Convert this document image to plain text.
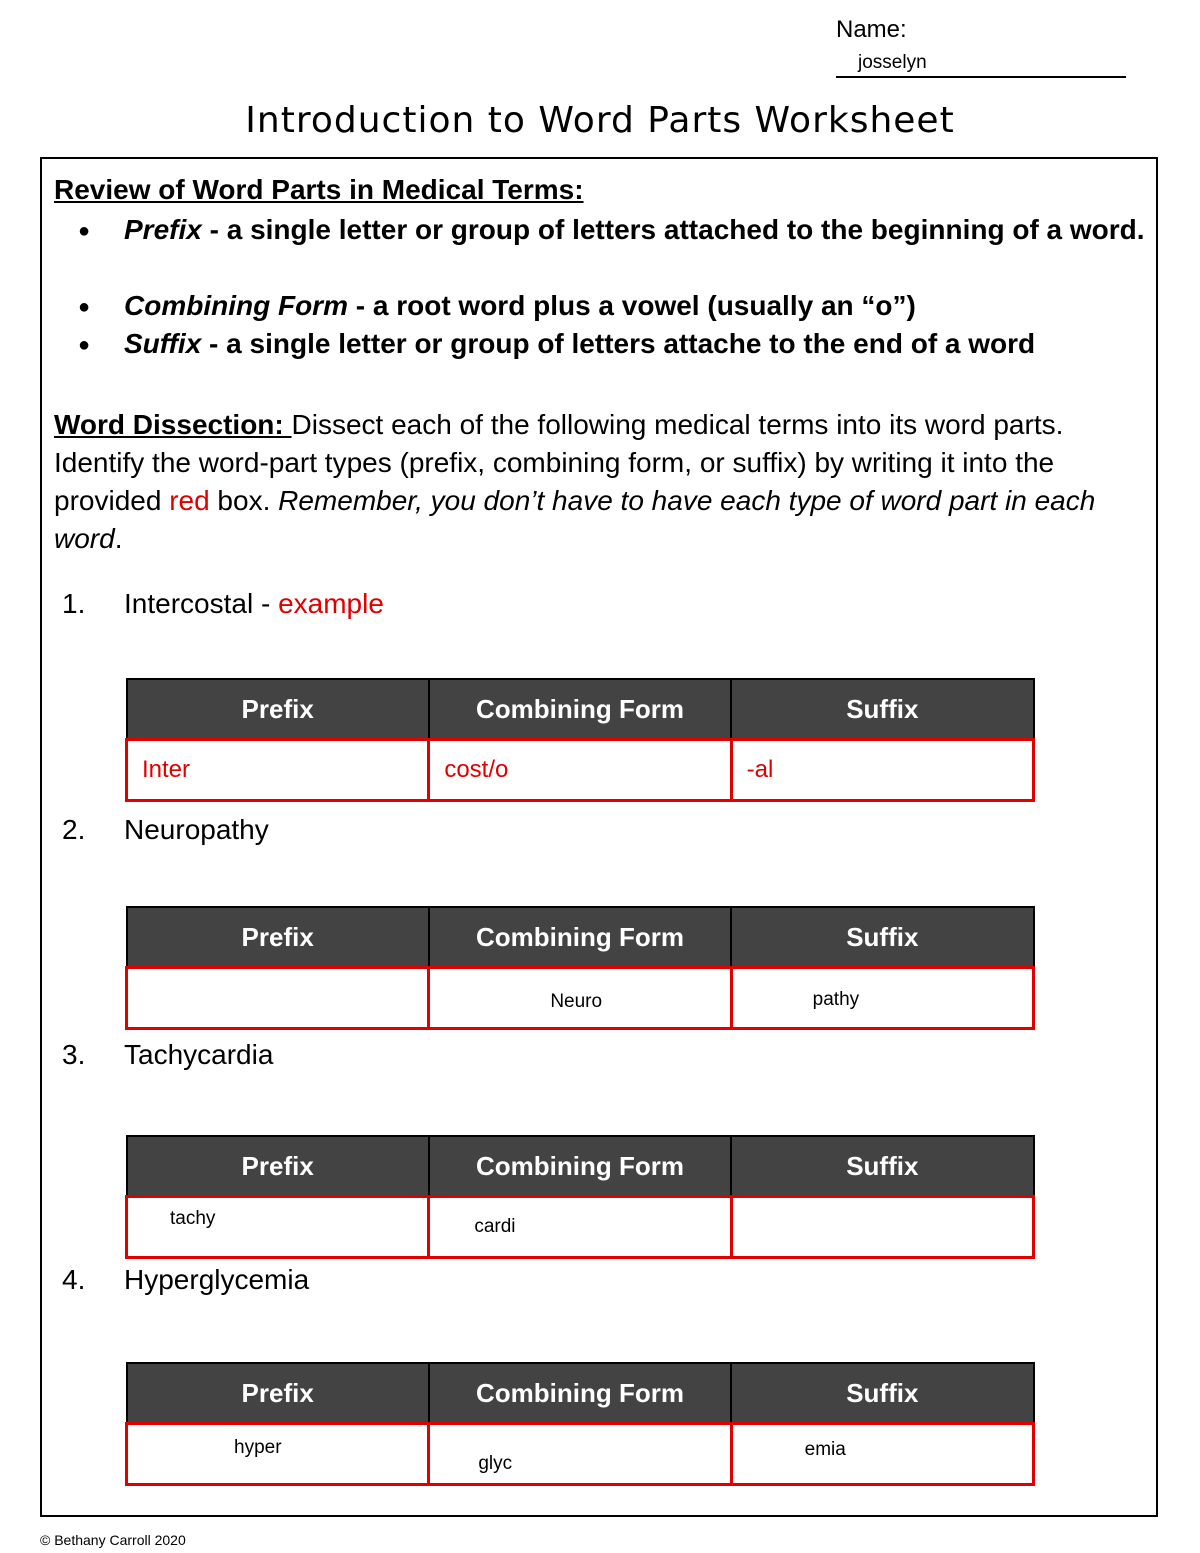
Name:
josselyn
Introduction to Word Parts Worksheet
Review of Word Parts in Medical Terms:
● Prefix - a single letter or group of letters attached to the beginning of a word.
● Combining Form - a root word plus a vowel (usually an “o”)
● Suffix - a single letter or group of letters attache to the end of a word
Word Dissection: Dissect each of the following medical terms into its word parts. Identify the word-part types (prefix, combining form, or suffix) by writing it into the provided red box. Remember, you don’t have to have each type of word part in each word.
1. Intercostal - example
Prefix	Combining Form	Suffix
Inter	cost/o	-al
2. Neuropathy
Prefix	Combining Form	Suffix

	Neuro	pathy
3. Tachycardia
Prefix	Combining Form	Suffix

tachy	cardi	

4. Hyperglycemia
Prefix	Combining Form	Suffix

hyper	glyc	emia
© Bethany Carroll 2020
